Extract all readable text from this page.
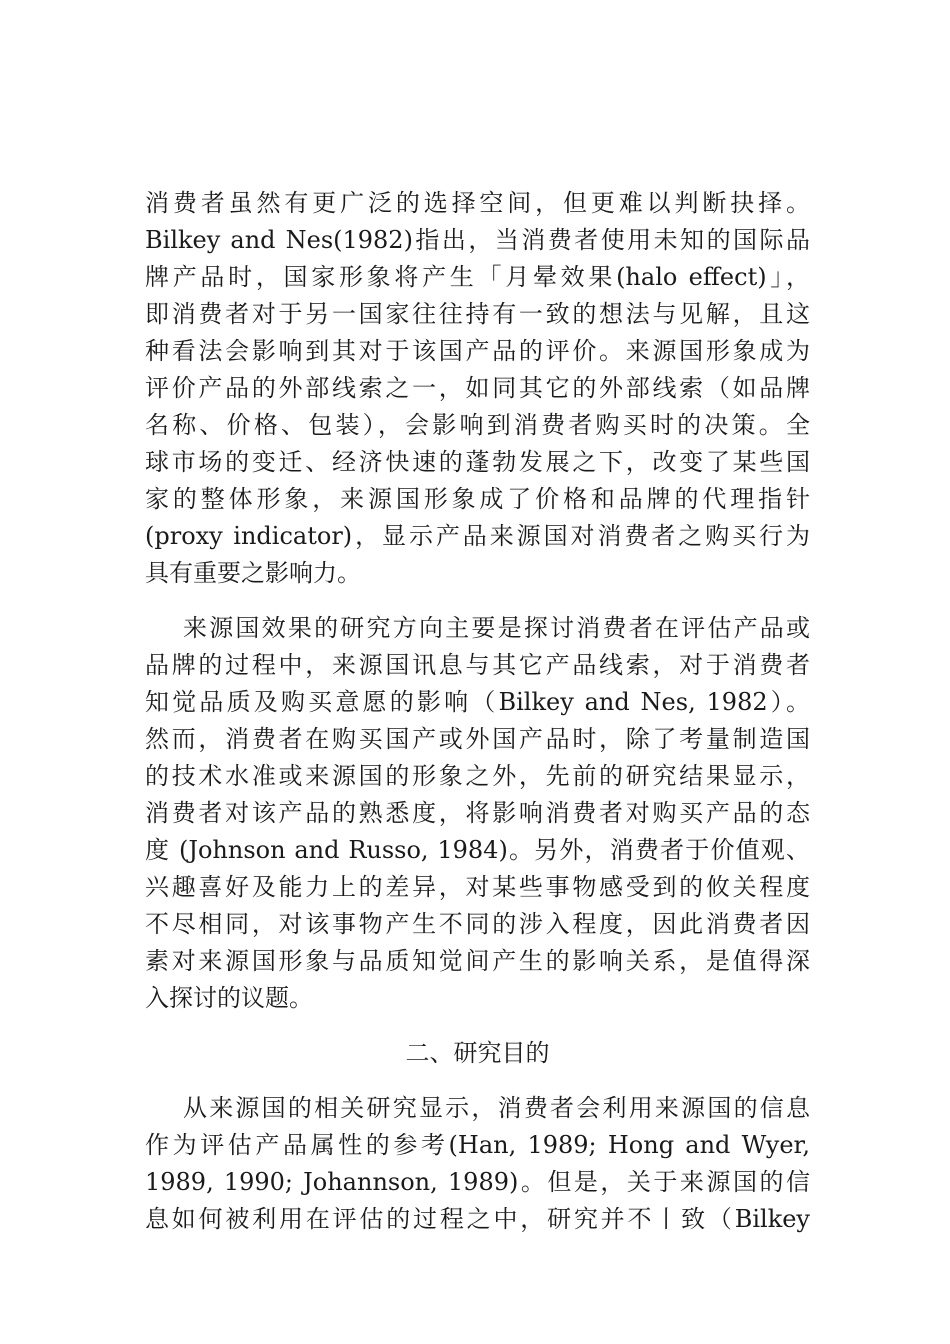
消费者虽然有更广泛的选择空间，但更难以判断抉择。
Bilkey and Nes(1982)指出，当消费者使用未知的国际品
牌产品时，国家形象将产生「月晕效果(halo effect)」，
即消费者对于另一国家往往持有一致的想法与见解，且这
种看法会影响到其对于该国产品的评价。来源国形象成为
评价产品的外部线索之一，如同其它的外部线索（如品牌
名称、价格、包装），会影响到消费者购买时的决策。全
球市场的变迁、经济快速的蓬勃发展之下，改变了某些国
家的整体形象，来源国形象成了价格和品牌的代理指针
(proxy indicator)，显示产品来源国对消费者之购买行为
具有重要之影响力。
来源国效果的研究方向主要是探讨消费者在评估产品或
品牌的过程中，来源国讯息与其它产品线索，对于消费者
知觉品质及购买意愿的影响（Bilkey and Nes, 1982）。
然而，消费者在购买国产或外国产品时，除了考量制造国
的技术水准或来源国的形象之外，先前的研究结果显示，
消费者对该产品的熟悉度，将影响消费者对购买产品的态
度 (Johnson and Russo, 1984)。另外，消费者于价值观、
兴趣喜好及能力上的差异，对某些事物感受到的攸关程度
不尽相同，对该事物产生不同的涉入程度，因此消费者因
素对来源国形象与品质知觉间产生的影响关系，是值得深
入探讨的议题。
二、研究目的
从来源国的相关研究显示，消费者会利用来源国的信息
作为评估产品属性的参考(Han, 1989; Hong and Wyer,
1989, 1990; Johannson, 1989)。但是，关于来源国的信
息如何被利用在评估的过程之中，研究并不丨致（Bilkey
